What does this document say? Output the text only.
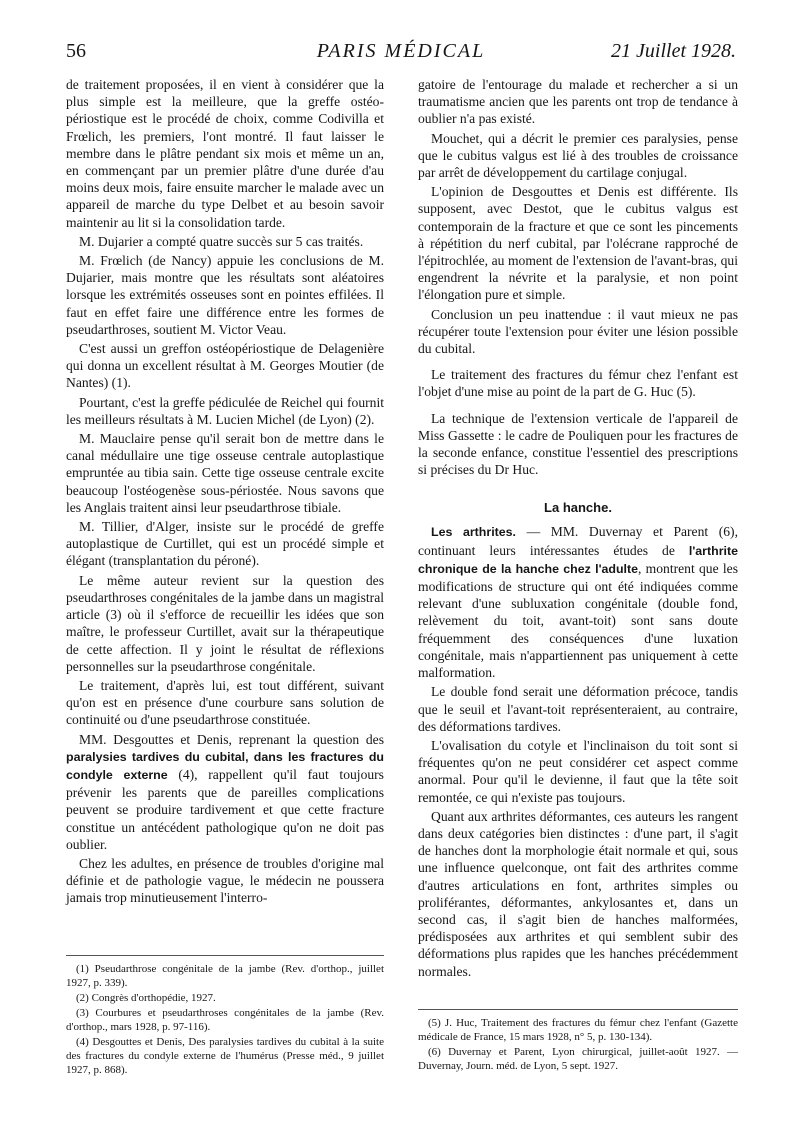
56	PARIS MÉDICAL	21 Juillet 1928.

de traitement proposées, il en vient à considérer que la plus simple est la meilleure, que la greffe ostéo-périostique est le procédé de choix, comme Codivilla et Frœlich, les premiers, l'ont montré. Il faut laisser le membre dans le plâtre pendant six mois et même un an, en commençant par un premier plâtre d'une durée d'au moins deux mois, faire ensuite marcher le malade avec un appareil de marche du type Delbet et au besoin savoir maintenir au lit si la consolidation tarde.

M. Dujarier a compté quatre succès sur 5 cas traités.

M. Frœlich (de Nancy) appuie les conclusions de M. Dujarier, mais montre que les résultats sont aléatoires lorsque les extrémités osseuses sont en pointes effilées. Il faut en effet faire une différence entre les formes de pseudarthroses, soutient M. Victor Veau.

C'est aussi un greffon ostéopériostique de Delagenière qui donna un excellent résultat à M. Georges Moutier (de Nantes) (1).

Pourtant, c'est la greffe pédiculée de Reichel qui fournit les meilleurs résultats à M. Lucien Michel (de Lyon) (2).

M. Mauclaire pense qu'il serait bon de mettre dans le canal médullaire une tige osseuse centrale autoplastique empruntée au tibia sain. Cette tige osseuse centrale excite beaucoup l'ostéogenèse sous-périostée. Nous savons que les Anglais traitent ainsi leur pseudarthrose tibiale.

M. Tillier, d'Alger, insiste sur le procédé de greffe autoplastique de Curtillet, qui est un procédé simple et élégant (transplantation du péroné).

Le même auteur revient sur la question des pseudarthroses congénitales de la jambe dans un magistral article (3) où il s'efforce de recueillir les idées que son maître, le professeur Curtillet, avait sur la thérapeutique de cette affection. Il y joint le résultat de réflexions personnelles sur la pseudarthrose congénitale.

Le traitement, d'après lui, est tout différent, suivant qu'on est en présence d'une courbure sans solution de continuité ou d'une pseudarthrose constituée.

MM. Desgouttes et Denis, reprenant la question des paralysies tardives du cubital, dans les fractures du condyle externe (4), rappellent qu'il faut toujours prévenir les parents que de pareilles complications peuvent se produire tardivement et que cette fracture constitue un antécédent pathologique qu'on ne doit pas oublier.

Chez les adultes, en présence de troubles d'origine mal définie et de pathologie vague, le médecin ne poussera jamais trop minutieusement l'interro-

(1) Pseudarthrose congénitale de la jambe (Rev. d'orthop., juillet 1927, p. 339).

(2) Congrès d'orthopédie, 1927.

(3) Courbures et pseudarthroses congénitales de la jambe (Rev. d'orthop., mars 1928, p. 97-116).

(4) Desgouttes et Denis, Des paralysies tardives du cubital à la suite des fractures du condyle externe de l'humérus (Presse méd., 9 juillet 1927, p. 868).

gatoire de l'entourage du malade et rechercher a si un traumatisme ancien que les parents ont trop de tendance à oublier n'a pas existé.

Mouchet, qui a décrit le premier ces paralysies, pense que le cubitus valgus est lié à des troubles de croissance par arrêt de développement du cartilage conjugal.

L'opinion de Desgouttes et Denis est différente. Ils supposent, avec Destot, que le cubitus valgus est contemporain de la fracture et que ce sont les pincements à répétition du nerf cubital, par l'olécrane rapproché de l'épitrochlée, au moment de l'extension de l'avant-bras, qui engendrent la névrite et la paralysie, et non point l'élongation pure et simple.

Conclusion un peu inattendue : il vaut mieux ne pas récupérer toute l'extension pour éviter une lésion possible du cubital.

Le traitement des fractures du fémur chez l'enfant est l'objet d'une mise au point de la part de G. Huc (5).

La technique de l'extension verticale de l'appareil de Miss Gassette : le cadre de Pouliquen pour les fractures de la seconde enfance, constitue l'essentiel des prescriptions si précises du Dr Huc.

La hanche.

Les arthrites. — MM. Duvernay et Parent (6), continuant leurs intéressantes études de l'arthrite chronique de la hanche chez l'adulte, montrent que les modifications de structure qui ont été indiquées comme relevant d'une subluxation congénitale (double fond, relèvement du toit, avant-toit) sont sans doute fréquemment des conséquences d'une luxation congénitale, mais n'appartiennent pas uniquement à cette malformation.

Le double fond serait une déformation précoce, tandis que le seuil et l'avant-toit représenteraient, au contraire, des déformations tardives.

L'ovalisation du cotyle et l'inclinaison du toit sont si fréquentes qu'on ne peut considérer cet aspect comme anormal. Pour qu'il le devienne, il faut que la tête soit remontée, ce qui n'existe pas toujours.

Quant aux arthrites déformantes, ces auteurs les rangent dans deux catégories bien distinctes : d'une part, il s'agit de hanches dont la morphologie était normale et qui, sous une influence quelconque, ont fait des arthrites comme d'autres articulations en font, arthrites simples ou proliférantes, déformantes, ankylosantes et, dans un second cas, il s'agit bien de hanches malformées, prédisposées aux arthrites et qui semblent subir des déformations plus rapides que les hanches précédemment normales.

(5) J. Huc, Traitement des fractures du fémur chez l'enfant (Gazette médicale de France, 15 mars 1928, n° 5, p. 130-134).

(6) Duvernay et Parent, Lyon chirurgical, juillet-août 1927. — Duvernay, Journ. méd. de Lyon, 5 sept. 1927.
